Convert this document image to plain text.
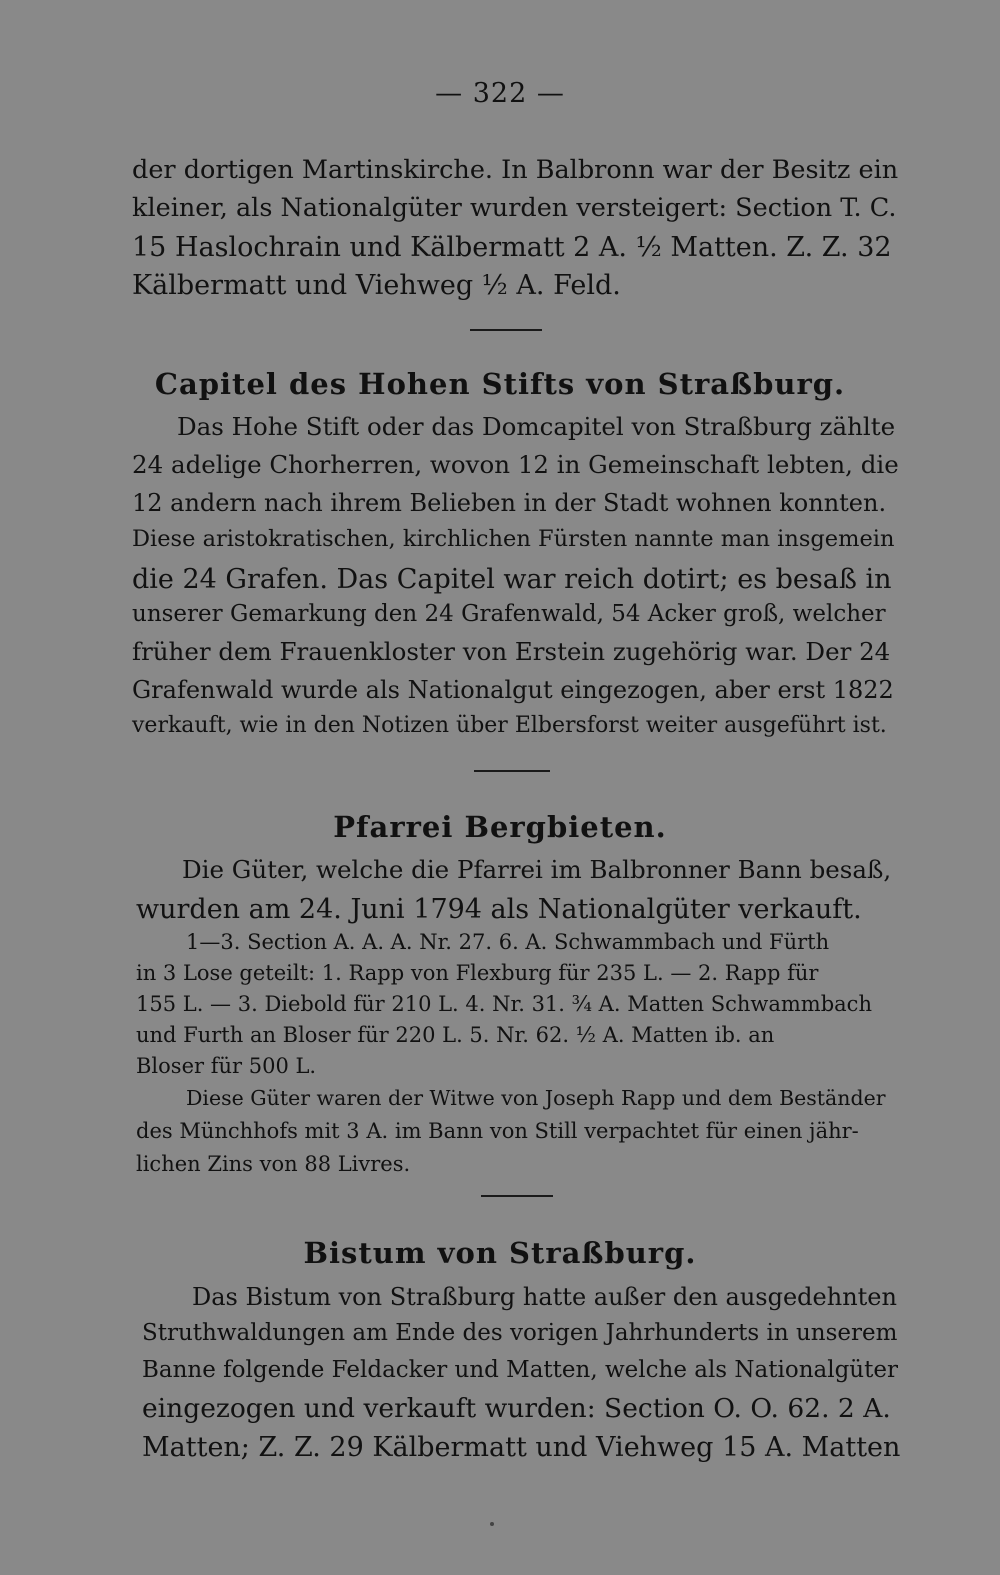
— 322 —
der dortigen Martinskirche. In Balbronn war der Besitz ein
kleiner, als Nationalgüter wurden versteigert: Section T. C.
15 Haslochrain und Kälbermatt 2 A. ½ Matten. Z. Z. 32
Kälbermatt und Viehweg ½ A. Feld.
Capitel des Hohen Stifts von Straßburg.
Das Hohe Stift oder das Domcapitel von Straßburg zählte
24 adelige Chorherren, wovon 12 in Gemeinschaft lebten, die
12 andern nach ihrem Belieben in der Stadt wohnen konnten.
Diese aristokratischen, kirchlichen Fürsten nannte man insgemein
die 24 Grafen. Das Capitel war reich dotirt; es besaß in
unserer Gemarkung den 24 Grafenwald, 54 Acker groß, welcher
früher dem Frauenkloster von Erstein zugehörig war. Der 24
Grafenwald wurde als Nationalgut eingezogen, aber erst 1822
verkauft, wie in den Notizen über Elbersforst weiter ausgeführt ist.
Pfarrei Bergbieten.
Die Güter, welche die Pfarrei im Balbronner Bann besaß,
wurden am 24. Juni 1794 als Nationalgüter verkauft.
1—3. Section A. A. A. Nr. 27. 6. A. Schwammbach und Fürth
in 3 Lose geteilt: 1. Rapp von Flexburg für 235 L. — 2. Rapp für
155 L. — 3. Diebold für 210 L. 4. Nr. 31. ¾ A. Matten Schwammbach
und Furth an Bloser für 220 L. 5. Nr. 62. ½ A. Matten ib. an
Bloser für 500 L.
Diese Güter waren der Witwe von Joseph Rapp und dem Beständer
des Münchhofs mit 3 A. im Bann von Still verpachtet für einen jähr-
lichen Zins von 88 Livres.
Bistum von Straßburg.
Das Bistum von Straßburg hatte außer den ausgedehnten
Struthwaldungen am Ende des vorigen Jahrhunderts in unserem
Banne folgende Feldacker und Matten, welche als Nationalgüter
eingezogen und verkauft wurden: Section O. O. 62. 2 A.
Matten; Z. Z. 29 Kälbermatt und Viehweg 15 A. Matten
